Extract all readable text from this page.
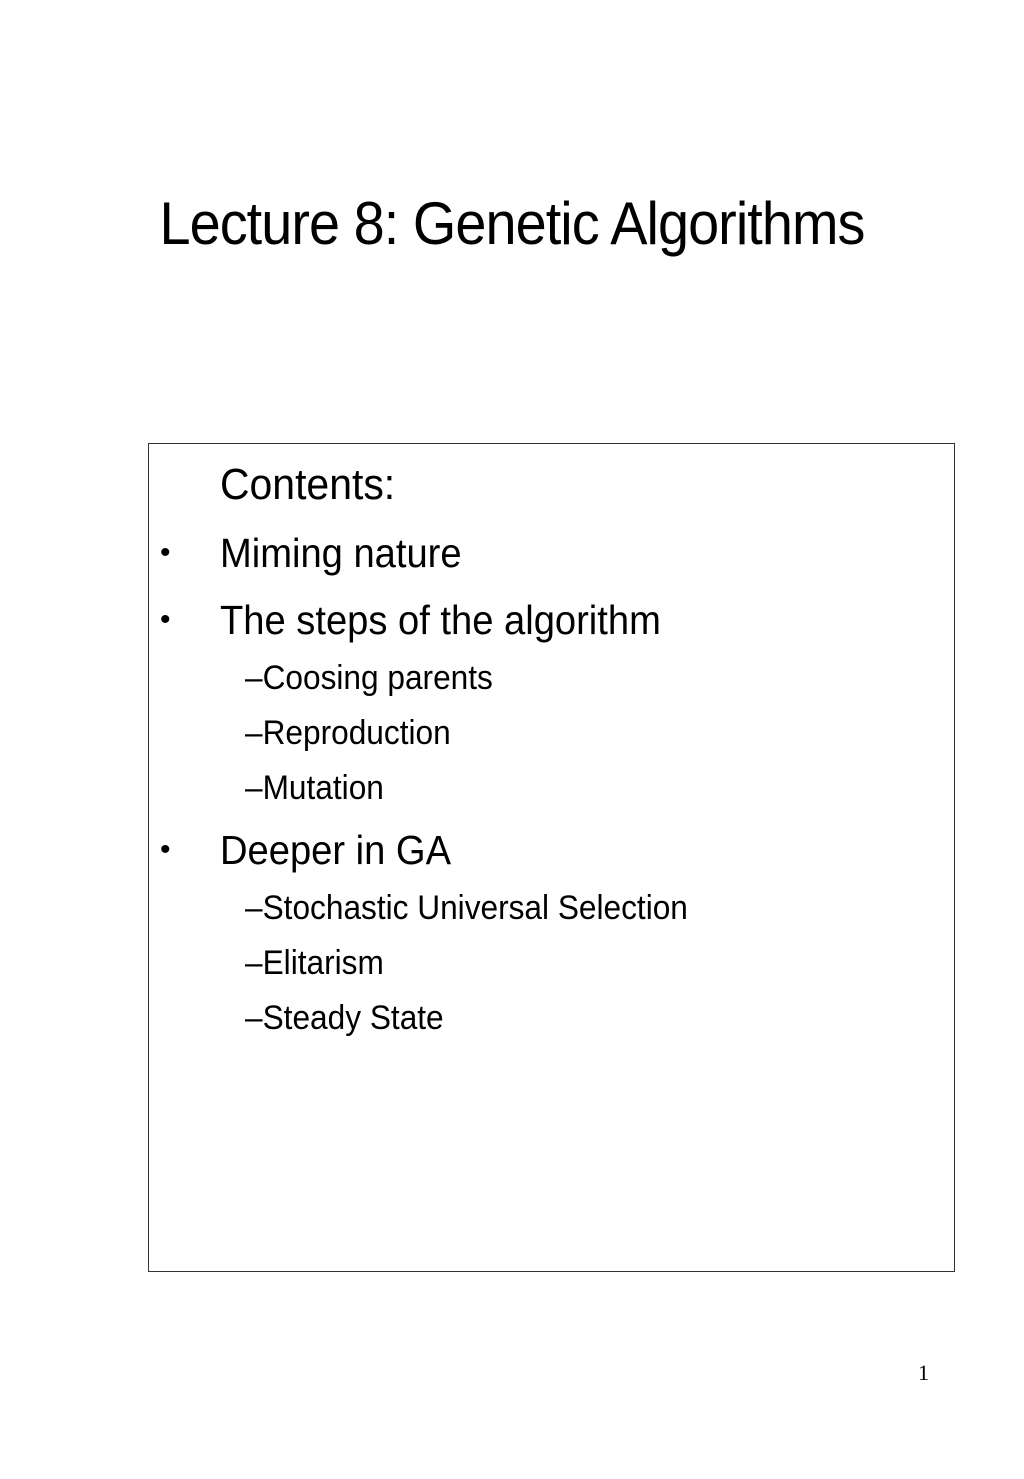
Lecture 8: Genetic Algorithms
Contents:
• Miming nature
• The steps of the algorithm
–Coosing parents
–Reproduction
–Mutation
• Deeper in GA
–Stochastic Universal Selection
–Elitarism
–Steady State
1
